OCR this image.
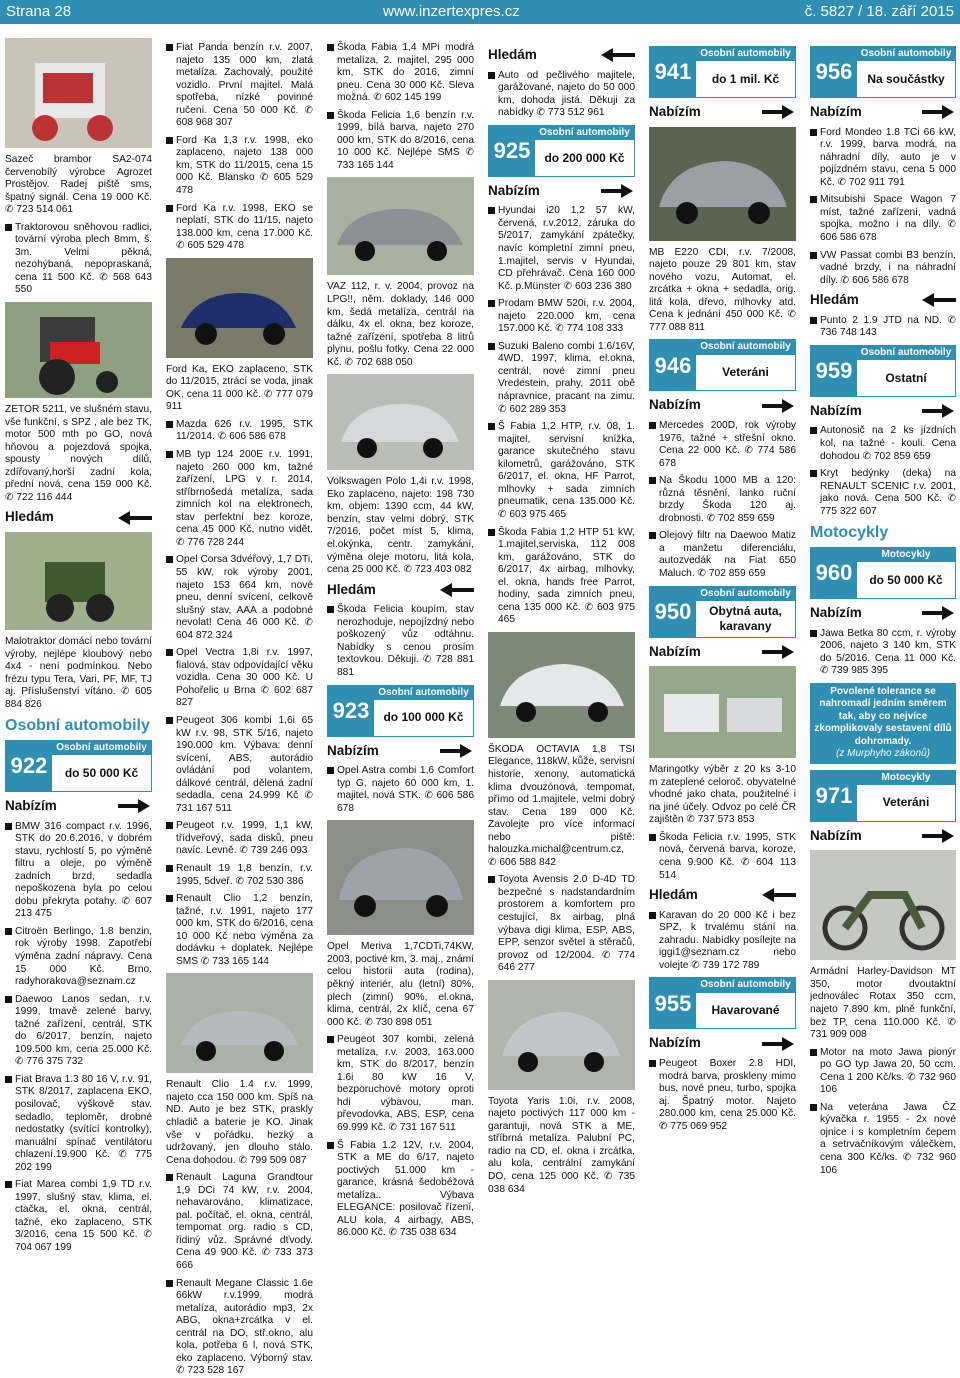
Strana 28	www.inzertexpres.cz	č. 5827 / 18. září 2015
Sazeč brambor SA2-074 červenobílý výrobce Agrozet Prostějov. Radej piště sms, špatný signál. Cena 19 000 Kč. ✆ 723 514 061
Traktorovou sněhovou radlici, tovární výroba plech 8mm, š. 3m. Velmi pěkná, nezohýbaná, nepopraskaná, cena 11 500 Kč. ✆ 568 643 550
ZETOR 5211, ve slušném stavu, vše funkční, s SPZ , ale bez TK, motor 500 mth po GO, nová hňovou a pojezdová spojka, spousty nových dílů, zdířovaný,horší zadní kola, přední nová, cena 159 000 Kč. ✆ 722 116 444
Hledám
Malotraktor domácí nebo tovární výroby, nejlépe kloubový nebo 4x4 - není podmínkou. Nebo frézu typu Tera, Vari, PF, MF, TJ aj. Příslušenství vítáno. ✆ 605 884 826
Osobní automobily
922
Osobní automobily
do 50 000 Kč
Nabízím
BMW 316 compact r.v. 1996, STK do 20.6.2016, v dobrém stavu, rychlostí 5, po výměně filtru a oleje, po výměně zadních brzd, sedadla nepoškozena byla po celou dobu překryta potahy. ✆ 607 213 475
Citroën Berlingo, 1.8 benzin, rok výroby 1998. Zapotřebí výměna zadní nápravy. Cena 15 000 Kč. Brno. radyhorakova@seznam.cz
Daewoo Lanos sedan, r.v. 1999, tmavě zelené barvy, tažné zařízení, centrál, STK do 6/2017, benzín, najeto 109.500 km, cena 25.000 Kč. ✆ 776 375 732
Fiat Brava 1.3 80 16 V, r.v. 91, STK 8/2017, zaplacena EKO, posilovač, výškově stav. sedadlo, teploměr, drobné nedostatky (svítící kontrolky), manuální spínač ventilátoru chlazení.19.900 Kč. ✆ 775 202 199
Fiat Marea combi 1,9 TD r.v. 1997, slušný stav, klima, el. ctačka, el. okna, centrál, tažné, eko zaplaceno, STK 3/2016, cena 15 500 Kč. ✆ 704 067 199
Fiat Panda benzín r.v. 2007, najeto 135 000 km, zlatá metalíza. Zachovalý, použité vozidlo. První majitel. Malá spotřeba, nízké povinné ručení. Cena 50 000 Kč. ✆ 608 968 307
Ford Ka 1,3 r.v. 1998, eko zaplaceno, najeto 138 000 km, STK do 11/2015, cena 15 000 Kč. Blansko ✆ 605 529 478
Ford Ka r.v. 1998, EKO se neplatí, STK do 11/15, najeto 138.000 km, cena 17.000 Kč. ✆ 605 529 478
Ford Ka, EKO zaplaceno, STK do 11/2015, ztrácí se voda, jinak OK, cena 11 000 Kč. ✆ 777 079 911
Mazda 626 r.v. 1995, STK 11/2014. ✆ 606 586 678
MB typ 124 200E r.v. 1991, najeto 260 000 km, tažné zařízení, LPG v r. 2014, stříbrnošedá metalíza, sada zimních kol na elektronech, stav perfektní bez koroze, cena 45 000 Kč, nutno vidět. ✆ 776 728 244
Opel Corsa 3dvéřový, 1,7 DTi, 55 kW, rok výroby 2001, najeto 153 664 km, nové pneu, denní svícení, celkově slušný stav, AAA a podobné nevolat! Cena 46 000 Kč. ✆ 604 872 324
Opel Vectra 1,8i r.v. 1997, fialová, stav odpovídající věku vozidla. Cena 30 000 Kč. U Pohořelic u Brna ✆ 602 687 827
Peugeot 306 kombi 1,6i 65 kW r.v. 98, STK 5/16, najeto 190.000 km. Výbava: denní svícení, ABS, autorádio ovládání pod volantem, dálkové centrál, dělená zadní sedadla, cena 24.999 Kč ✆ 731 167 511
Peugeot r.v. 1999, 1,1 kW, třídveřový, sada disků, pneu navíc. Levně. ✆ 739 246 093
Renault 19 1,8 benzín, r.v. 1995, 5dveř. ✆ 702 530 386
Renault Clio 1,2 benzín, tažné, r.v. 1991, najeto 177 000 km, STK do 6/2016, cena 10 000 Kč nebo výměna za dodávku + doplatek. Nejlépe SMS ✆ 733 165 144
Renault Clio 1.4 r.v. 1999, najeto cca 150 000 km. Spíš na ND. Auto je bez STK, praskly chladič a baterie je KO. Jinak vše v pořádku, hezký a udržovaný, jen dlouho stálo. Cena dohodou. ✆ 799 509 087
Renault Laguna Grandtour 1,9 DCi 74 kW, r.v. 2004, nehavarováno, klimatizace, pal. počítač, el. okna, centrál, tempomat org. radio s CD, řidiný vůz. Správné dťvody. Cena 49 900 Kč. ✆ 733 373 666
Renault Megane Classic 1.6e 66kW r.v.1999, modrá metalíza, autorádio mp3, 2x ABG, okna+zrcátka v el. centrál na DO, stř.okno, alu kola, potřeba 6 l, nová STK, eko zaplaceno. Výborný stav. ✆ 723 528 167
Škoda Fabia 1,4 MPi modrá metalíza, 2. majitel, 295 000 km, STK do 2016, zimní pneu. Cena 30 000 Kč. Sleva možná. ✆ 602 145 199
Škoda Felicia 1,6 benzín r.v. 1999, bílá barva, najeto 270 000 km, STK do 8/2016, cena 10 000 Kč. Nejlépe SMS ✆ 733 165 144
VAZ 112, r. v. 2004, provoz na LPG!!, něm. doklady, 146 000 km, šedá metalíza, centrál na dálku, 4x el. okna, bez koroze, tažné zařízení, spotřeba 8 litrů plynu, pošlu fotky. Cena 22 000 Kč. ✆ 702 688 050
Volkswagen Polo 1,4i r.v. 1998, Eko zaplaceno, najeto: 198 730 km, objem: 1390 ccm, 44 kW, benzín, stav velmi dobrý, STK 7/2016, počet míst 5, klima, el.okýnka, centr. zamykání, výměna oleje motoru, litá kola, cena 25 000 Kč. ✆ 723 403 082
Hledám
Škoda Felicia koupím, stav nerozhoduje, nepojízdný nebo poškozený vůz odtáhnu. Nabídky s cenou prosím textovkou. Děkuji. ✆ 728 881 881
923
Osobní automobily
do 100 000 Kč
Nabízím
Opel Astra combi 1,6 Comfort typ G, najeto 60 000 km, 1. majitel, nová STK. ✆ 606 586 678
Opel Meriva 1,7CDTi,74KW, 2003, poctivé km, 3. maj., známí celou historii auta (rodina), pěkný interiér, alu (letní) 80%, plech (zimní) 90%, el.okna, klima, centrál, 2x klíč, cena 67 000 Kč. ✆ 730 898 051
Peugeot 307 kombi, zelená metalíza, r.v. 2003, 163.000 km, STK do 8/2017, benzín 1.6i 80 kW 16 V, bezporuchové motory oproti hdi výbavou, man. převodovka, ABS, ESP, cena 69.999 Kč. ✆ 731 167 511
Š Fabia 1.2 12V, r.v. 2004, STK a ME do 6/17, najeto poctivých 51.000 km - garance, krásná šedobéžová metalíza.. Výbava ELEGANCE: posilovač řízení, ALU kola, 4 airbagy, ABS, 86.000 Kč. ✆ 735 038 634
Hledám
Auto od pečlivého majitele, garážované, najeto do 50 000 km, dohoda jistá. Děkuji za nabídky ✆ 773 512 961
925
Osobní automobily
do 200 000 Kč
Nabízím
Hyundai i20 1,2 57 kW, červená, r.v.2012, záruka do 5/2017, zamykání zpátečky, navíc kompletní zimní pneu, 1.majitel, servis v Hyundai, CD přehrávač. Cena 160 000 Kč. p.Münster ✆ 603 236 380
Prodam BMW 520i, r.v. 2004, najeto 220.000 km, cena 157.000 Kč. ✆ 774 108 333
Suzuki Baleno combi 1.6/16V, 4WD, 1997, klima, el.okna, centrál, nové zimní pneu Vredestein, prahy, 2011 obě nápravnice, pracant na zimu. ✆ 602 289 353
Š Fabia 1,2 HTP, r.v. 08, 1. majitel, servisní knížka, garance skutečného stavu kilometrů, garážováno, STK 6/2017, el. okna, HF Parrot, mlhovky + sada zimních pneumatik, cena 135.000 Kč. ✆ 603 975 465
Škoda Fabia 1,2 HTP 51 kW, 1.majitel,serviska, 112 008 km, garážováno, STK do 6/2017, 4x airbag, mlhovky, el. okna, hands free Parrot, hodiny, sada zimních pneu, cena 135 000 Kč. ✆ 603 975 465
ŠKODA OCTAVIA 1,8 TSI Elegance, 118kW, kůže, servisní historie, xenony, automatická klima dvouzónová, tempomat, přímo od 1.majitele, velmi dobrý stav. Cena 189 000 Kč. Zavolejte pro více informací nebo piště: halouzka.michal@centrum.cz, ✆ 606 588 842
Toyota Avensis 2.0 D-4D TD bezpečné s nadstandardním prostorem a komfortem pro cestující, 8x airbag, plná výbava digi klima, ESP, ABS, EPP, senzor světel a stěračů, provoz od 12/2004. ✆ 774 646 277
Toyota Yaris 1.0i, r.v. 2008, najeto poctivých 117 000 km - garantuji, nová STK a ME, stříbrná metalíza. Palubní PC, radio na CD, el. okna i zrcátka, alu kola, centrální zamykání DO, cena 125 000 Kč. ✆ 735 038 634
941
Osobní automobily
do 1 mil. Kč
Nabízím
MB E220 CDI, r.v. 7/2008, najeto pouze 29 801 km, stav nového vozu, Automat, el. zrcátka + okna + sedadla, orig. litá kola, dřevo, mlhovky atd. Cena k jednání 450 000 Kč. ✆ 777 088 811
946
Osobní automobily
Veteráni
Nabízím
Mercedes 200D, rok výroby 1976, tažné + střešní okno. Cena 22 000 Kč. ✆ 774 586 678
Na Škodu 1000 MB a 120: různá těsnění, lanko ruční brzdy Škoda 120 aj. drobnosti. ✆ 702 859 659
Olejový filtr na Daewoo Matiz a manžetu diferenciálu, autozvedák na Fiat 650 Maluch. ✆ 702 859 659
950
Osobní automobily
Obytná auta, karavany
Nabízím
Maringotky výběr z 20 ks 3-10 m zateplené celoroč. obyvatelné vhodné jako chata, použitelné i na jiné účely. Odvoz po celé ČR zajištěn ✆ 737 573 853
Škoda Felicia r.v. 1995, STK nová, červená barva, koroze, cena 9.900 Kč. ✆ 604 113 514
Hledám
Karavan do 20 000 Kč i bez SPZ, k trvalému stání na zahradu. Nabídky posílejte na iggi1@seznam.cz nebo volejte ✆ 739 172 789
955
Osobní automobily
Havarované
Nabízím
Peugeot Boxer 2.8 HDI, modrá barva, proskleny mimo bus, nové pneu, turbo, spojka aj. Špatný motor. Najeto 280.000 km, cena 25.000 Kč. ✆ 775 069 952
956
Osobní automobily
Na součástky
Nabízím
Ford Mondeo 1.8 TCi 66 kW, r.v. 1999, barva modrá, na náhradní díly, auto je v pojízdném stavu, cena 5 000 Kč. ✆ 702 911 791
Mitsubishi Space Wagon 7 míst, tažné zařízení, vadná spojka, možno i na díly. ✆ 606 586 678
VW Passat combi B3 benzín, vadné brzdy, i na náhradní díly. ✆ 606 586 678
Hledám
Punto 2 1.9 JTD na ND. ✆ 736 748 143
959
Osobní automobily
Ostatní
Nabízím
Autonosič na 2 ks jízdních kol, na tažné - kouli. Cena dohodou ✆ 702 859 659
Kryt bedýnky (deka) na RENAULT SCENIC r.v. 2001, jako nová. Cena 500 Kč. ✆ 775 322 607
Motocykly
960
Motocykly
do 50 000 Kč
Nabízím
Jawa Betka 80 ccm, r. výroby 2006, najeto 3 140 km, STK do 5/2016. Cena 11 000 Kč. ✆ 739 985 395
Povolené tolerance se nahromadí jedním směrem tak, aby co nejvíce zkomplikovaly sestavení dílů dohromady.
(z Murphyho zákonů)
971
Motocykly
Veteráni
Nabízím
Armádní Harley-Davidson MT 350, motor dvoutaktní jednoválec Rotax 350 ccm, najeto 7.890 km, plně funkční, bez TP, cena 110.000 Kč. ✆ 731 909 008
Motor na moto Jawa pionýr po GO typ Jawa 20, 50 ccm. Cena 1 200 Kč/ks. ✆ 732 960 106
Na veterána Jawa ČZ kývačka r. 1955 - 2x nové ojnice i s kompletním čepem a setrvačníkovým válečkem, cena 300 Kč/ks. ✆ 732 960 106
